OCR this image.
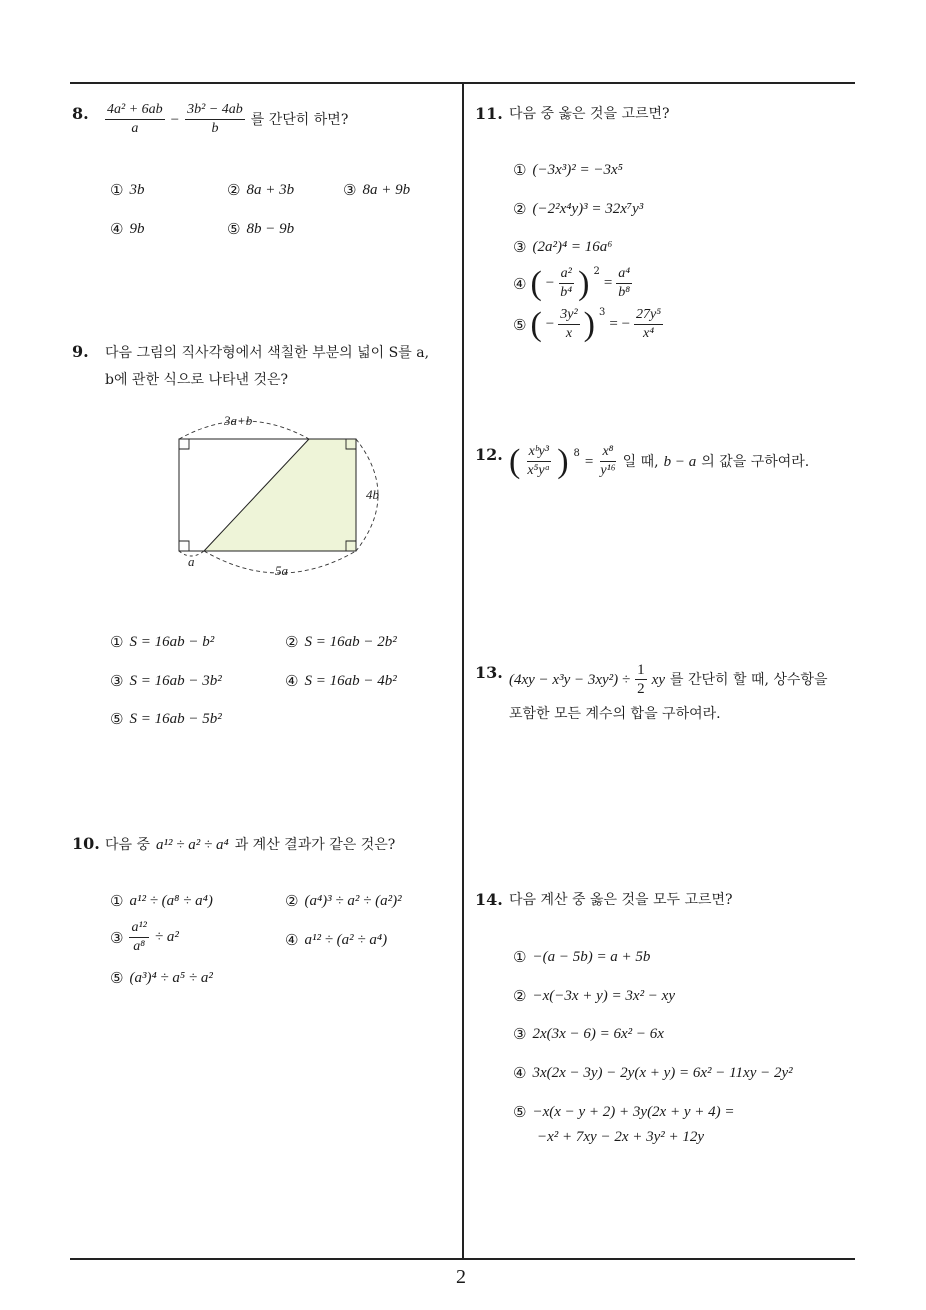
2
8. $\frac{\text{4a² + 6ab}}{a} - \frac{\text{3b² − 4ab}}{b}$ 를 간단히 하면?
① 3b	② 8a + 3b	③ 8a + 9b
④ 9b	⑤ 8b − 9b
9. 다음 그림의 직사각형에서 색칠한 부분의 넓이 S를 a,
b에 관한 식으로 나타낸 것은?
3a+b
4b
a
5a
① S = 16ab − b²	② S = 16ab − 2b²
③ S = 16ab − 3b²	④ S = 16ab − 4b²
⑤ S = 16ab − 5b²
10. 다음 중 a¹² ÷ a² ÷ a⁴ 과 계산 결과가 같은 것은?
① a¹² ÷ (a⁸ ÷ a⁴)	② (a⁴)³ ÷ a² ÷ (a²)²
③ $\frac{\text{a¹²}}{\text{a⁸}} \div a^2$	④ a¹² ÷ (a² ÷ a⁴)
⑤ (a³)⁴ ÷ a⁵ ÷ a²
11. 다음 중 옳은 것을 고르면?
① (−3x³)² = −3x⁵
② (−2²x⁴y)³ = 32x⁷y³
③ (2a²)⁴ = 16a⁶
④ ( − $\frac{\text{a²}}{\text{b⁴}}$ ) $^2$
= $\frac{\text{a⁴}}{\text{b⁸}}$
⑤ ( − $\frac{\text{3y²}}{x}$ ) $^3$
= − $\frac{\text{27y⁵}}{\text{x⁴}}$
12. ( $\frac{\text{xᵇy³}}{\text{x⁵yᵃ}}$ ) $^8 = \frac{\text{x⁸}}{\text{y¹⁶}}$ 일 때, b − a 의 값을 구하여라.
13. $(4xy - x^3y - 3xy^2) \div \frac{1}{2}$ xy 를 간단히 할 때, 상수항을
포함한 모든 계수의 합을 구하여라.
14. 다음 계산 중 옳은 것을 모두 고르면?
① −(a − 5b) = a + 5b
② −x(−3x + y) = 3x² − xy
③ 2x(3x − 6) = 6x² − 6x
④ 3x(2x − 3y) − 2y(x + y) = 6x² − 11xy − 2y²
⑤ −x(x − y + 2) + 3y(2x + y + 4) =
−x² + 7xy − 2x + 3y² + 12y
